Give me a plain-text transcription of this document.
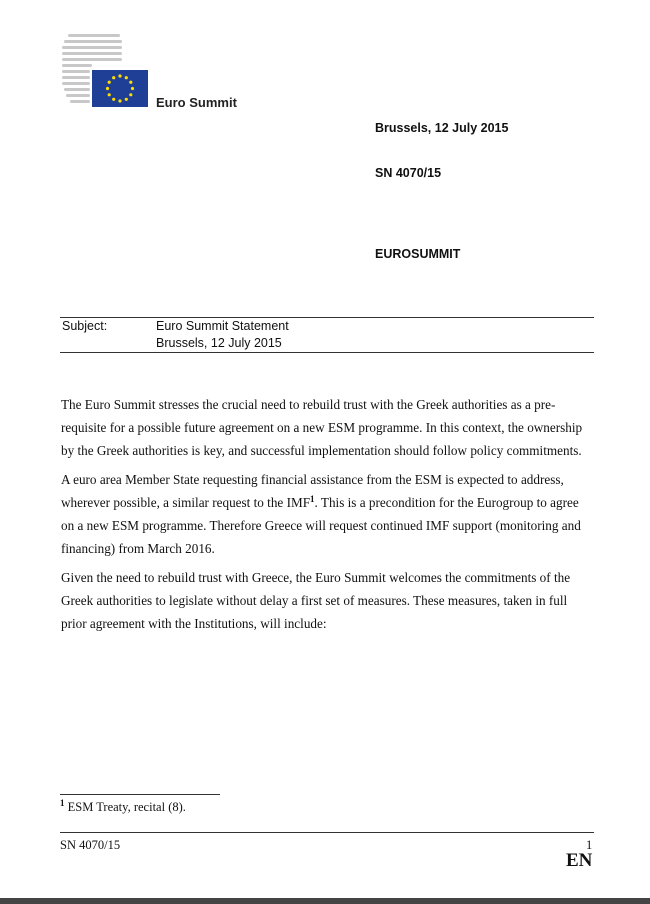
Euro Summit
Brussels, 12 July 2015
SN 4070/15
EUROSUMMIT
Subject:	Euro Summit Statement
Brussels, 12 July 2015

The Euro Summit stresses the crucial need to rebuild trust with the Greek authorities as a pre-requisite for a possible future agreement on a new ESM programme. In this context, the ownership by the Greek authorities is key, and successful implementation should follow policy commitments.

A euro area Member State requesting financial assistance from the ESM is expected to address, wherever possible, a similar request to the IMF$^1$. This is a precondition for the Eurogroup to agree on a new ESM programme. Therefore Greece will request continued IMF support (monitoring and financing) from March 2016.

Given the need to rebuild trust with Greece, the Euro Summit welcomes the commitments of the Greek authorities to legislate without delay a first set of measures. These measures, taken in full prior agreement with the Institutions, will include:

$^1$ ESM Treaty, recital (8).
SN 4070/15	1
EN
